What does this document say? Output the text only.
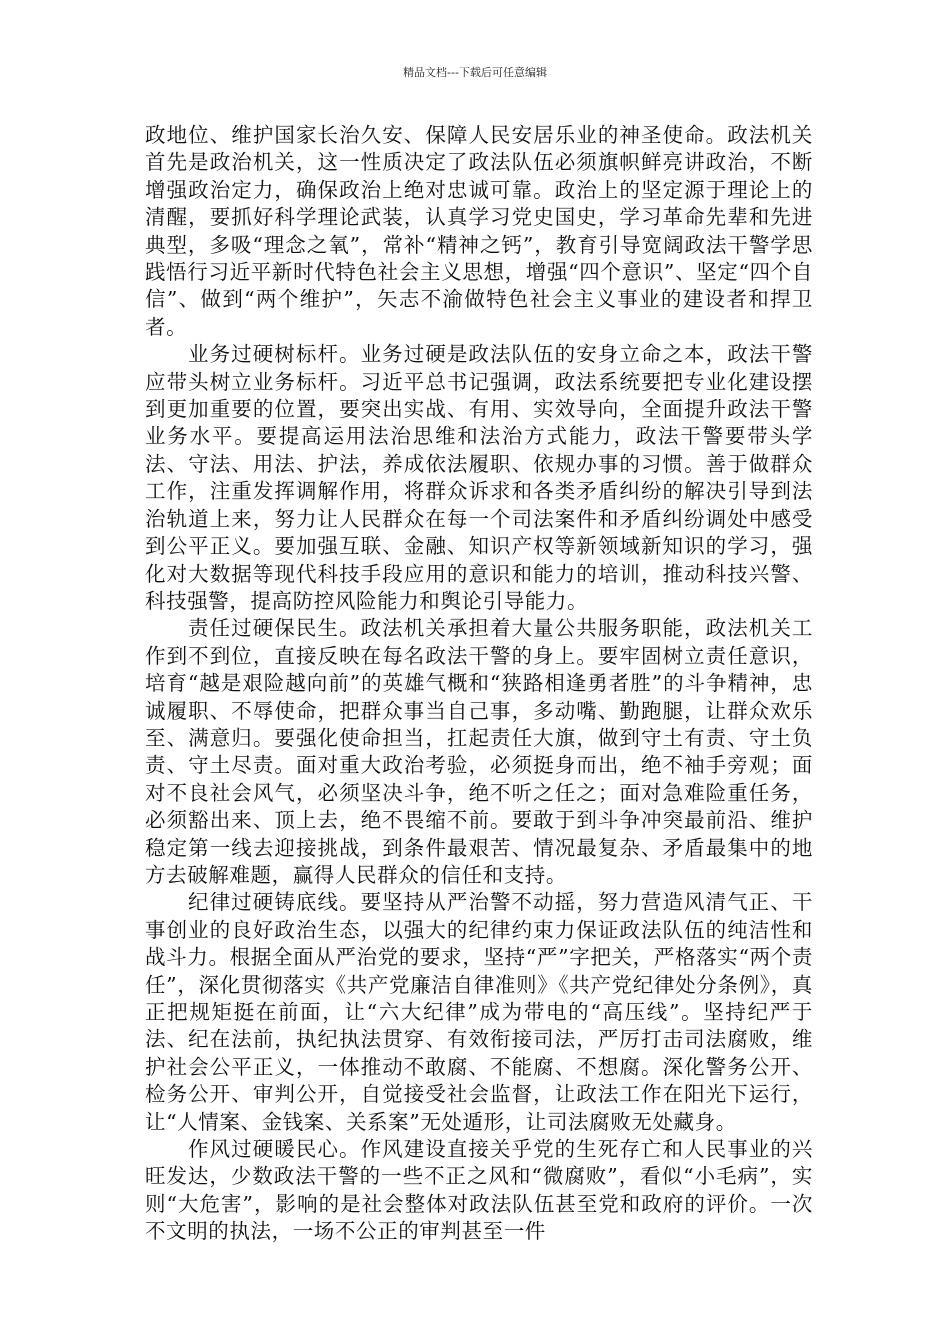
精品文档---下载后可任意编辑

政地位、维护国家长治久安、保障人民安居乐业的神圣使命。政法机关首先是政治机关，这一性质决定了政法队伍必须旗帜鲜亮讲政治，不断增强政治定力，确保政治上绝对忠诚可靠。政治上的坚定源于理论上的清醒，要抓好科学理论武装，认真学习党史国史，学习革命先辈和先进典型，多吸“理念之氧”，常补“精神之钙”，教育引导宽阔政法干警学思践悟行习近平新时代特色社会主义思想，增强“四个意识”、坚定“四个自信”、做到“两个维护”，矢志不渝做特色社会主义事业的建设者和捍卫者。

业务过硬树标杆。业务过硬是政法队伍的安身立命之本，政法干警应带头树立业务标杆。习近平总书记强调，政法系统要把专业化建设摆到更加重要的位置，要突出实战、有用、实效导向，全面提升政法干警业务水平。要提高运用法治思维和法治方式能力，政法干警要带头学法、守法、用法、护法，养成依法履职、依规办事的习惯。善于做群众工作，注重发挥调解作用，将群众诉求和各类矛盾纠纷的解决引导到法治轨道上来，努力让人民群众在每一个司法案件和矛盾纠纷调处中感受到公平正义。要加强互联、金融、知识产权等新领域新知识的学习，强化对大数据等现代科技手段应用的意识和能力的培训，推动科技兴警、科技强警，提高防控风险能力和舆论引导能力。

责任过硬保民生。政法机关承担着大量公共服务职能，政法机关工作到不到位，直接反映在每名政法干警的身上。要牢固树立责任意识，培育“越是艰险越向前”的英雄气概和“狭路相逢勇者胜”的斗争精神，忠诚履职、不辱使命，把群众事当自己事，多动嘴、勤跑腿，让群众欢乐至、满意归。要强化使命担当，扛起责任大旗，做到守土有责、守土负责、守土尽责。面对重大政治考验，必须挺身而出，绝不袖手旁观；面对不良社会风气，必须坚决斗争，绝不听之任之；面对急难险重任务，必须豁出来、顶上去，绝不畏缩不前。要敢于到斗争冲突最前沿、维护稳定第一线去迎接挑战，到条件最艰苦、情况最复杂、矛盾最集中的地方去破解难题，赢得人民群众的信任和支持。

纪律过硬铸底线。要坚持从严治警不动摇，努力营造风清气正、干事创业的良好政治生态，以强大的纪律约束力保证政法队伍的纯洁性和战斗力。根据全面从严治党的要求，坚持“严”字把关，严格落实“两个责任”，深化贯彻落实《共产党廉洁自律准则》《共产党纪律处分条例》，真正把规矩挺在前面，让“六大纪律”成为带电的“高压线”。坚持纪严于法、纪在法前，执纪执法贯穿、有效衔接司法，严厉打击司法腐败，维护社会公平正义，一体推动不敢腐、不能腐、不想腐。深化警务公开、检务公开、审判公开，自觉接受社会监督，让政法工作在阳光下运行，让“人情案、金钱案、关系案”无处遁形，让司法腐败无处藏身。

作风过硬暖民心。作风建设直接关乎党的生死存亡和人民事业的兴旺发达，少数政法干警的一些不正之风和“微腐败”，看似“小毛病”，实则“大危害”，影响的是社会整体对政法队伍甚至党和政府的评价。一次不文明的执法，一场不公正的审判甚至一件
